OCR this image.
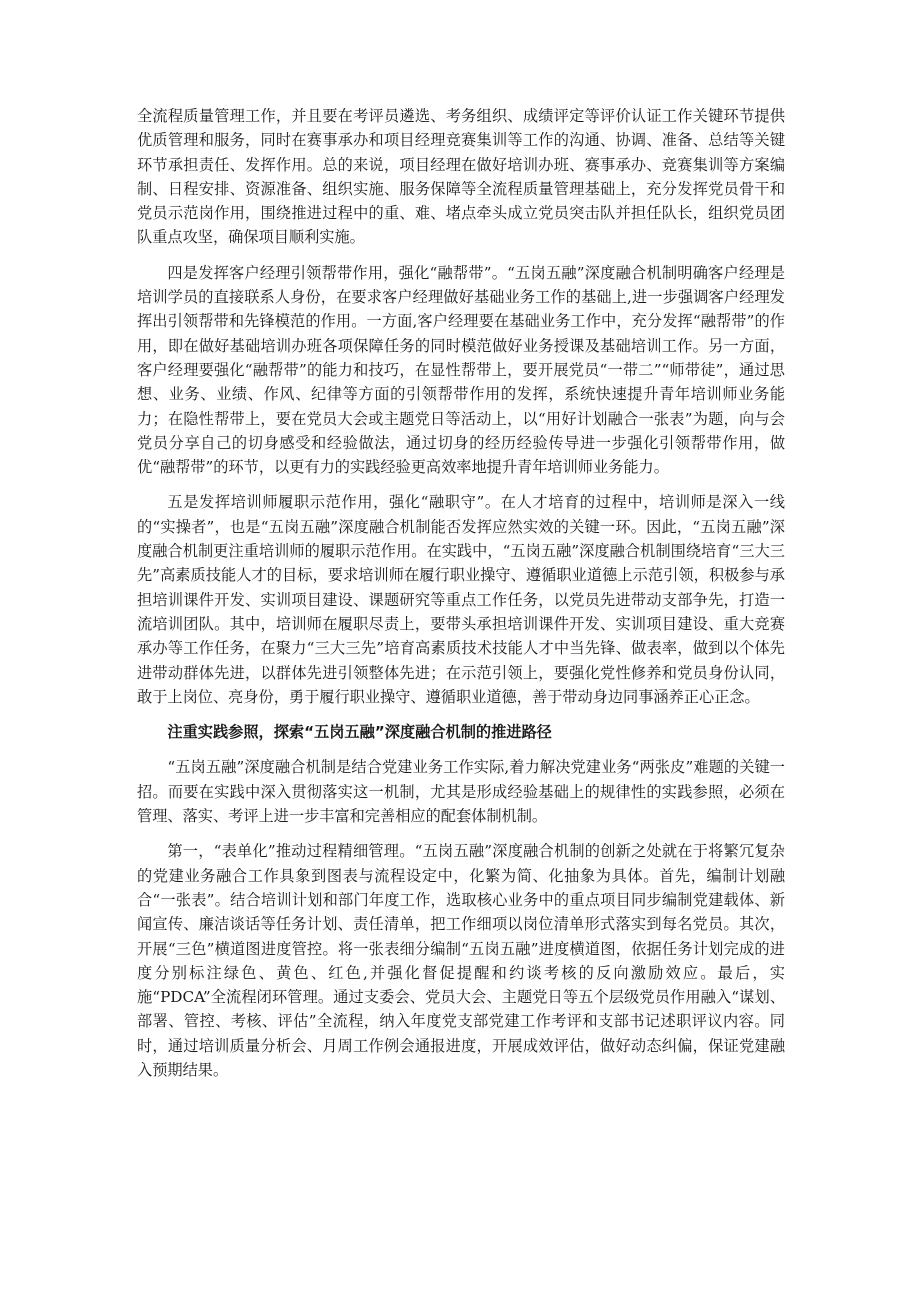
全流程质量管理工作，并且要在考评员遴选、考务组织、成绩评定等评价认证工作关键环节提供优质管理和服务，同时在赛事承办和项目经理竞赛集训等工作的沟通、协调、准备、总结等关键环节承担责任、发挥作用。总的来说，项目经理在做好培训办班、赛事承办、竞赛集训等方案编制、日程安排、资源准备、组织实施、服务保障等全流程质量管理基础上，充分发挥党员骨干和党员示范岗作用，围绕推进过程中的重、难、堵点牵头成立党员突击队并担任队长，组织党员团队重点攻坚，确保项目顺利实施。

四是发挥客户经理引领帮带作用，强化“融帮带”。“五岗五融”深度融合机制明确客户经理是培训学员的直接联系人身份，在要求客户经理做好基础业务工作的基础上,进一步强调客户经理发挥出引领帮带和先锋模范的作用。一方面,客户经理要在基础业务工作中，充分发挥“融帮带”的作用，即在做好基础培训办班各项保障任务的同时模范做好业务授课及基础培训工作。另一方面，客户经理要强化“融帮带”的能力和技巧，在显性帮带上，要开展党员“一带二”“师带徒”，通过思想、业务、业绩、作风、纪律等方面的引领帮带作用的发挥，系统快速提升青年培训师业务能力；在隐性帮带上，要在党员大会或主题党日等活动上，以“用好计划融合一张表”为题，向与会党员分享自己的切身感受和经验做法，通过切身的经历经验传导进一步强化引领帮带作用，做优“融帮带”的环节，以更有力的实践经验更高效率地提升青年培训师业务能力。

五是发挥培训师履职示范作用，强化“融职守”。在人才培育的过程中，培训师是深入一线的“实操者”，也是“五岗五融”深度融合机制能否发挥应然实效的关键一环。因此，“五岗五融”深度融合机制更注重培训师的履职示范作用。在实践中，“五岗五融”深度融合机制围绕培育“三大三先”高素质技能人才的目标，要求培训师在履行职业操守、遵循职业道德上示范引领，积极参与承担培训课件开发、实训项目建设、课题研究等重点工作任务，以党员先进带动支部争先，打造一流培训团队。其中，培训师在履职尽责上，要带头承担培训课件开发、实训项目建设、重大竞赛承办等工作任务，在聚力“三大三先”培育高素质技术技能人才中当先锋、做表率，做到以个体先进带动群体先进，以群体先进引领整体先进；在示范引领上，要强化党性修养和党员身份认同，敢于上岗位、亮身份，勇于履行职业操守、遵循职业道德，善于带动身边同事涵养正心正念。

注重实践参照，探索“五岗五融”深度融合机制的推进路径

“五岗五融”深度融合机制是结合党建业务工作实际,着力解决党建业务“两张皮”难题的关键一招。而要在实践中深入贯彻落实这一机制，尤其是形成经验基础上的规律性的实践参照，必须在管理、落实、考评上进一步丰富和完善相应的配套体制机制。

第一，“表单化”推动过程精细管理。“五岗五融”深度融合机制的创新之处就在于将繁冗复杂的党建业务融合工作具象到图表与流程设定中，化繁为简、化抽象为具体。首先，编制计划融合“一张表”。结合培训计划和部门年度工作，选取核心业务中的重点项目同步编制党建载体、新闻宣传、廉洁谈话等任务计划、责任清单，把工作细项以岗位清单形式落实到每名党员。其次，开展“三色”横道图进度管控。将一张表细分编制“五岗五融”进度横道图，依据任务计划完成的进度分别标注绿色、黄色、红色,并强化督促提醒和约谈考核的反向激励效应。最后，实施“PDCA”全流程闭环管理。通过支委会、党员大会、主题党日等五个层级党员作用融入“谋划、部署、管控、考核、评估”全流程，纳入年度党支部党建工作考评和支部书记述职评议内容。同时，通过培训质量分析会、月周工作例会通报进度，开展成效评估，做好动态纠偏，保证党建融入预期结果。
